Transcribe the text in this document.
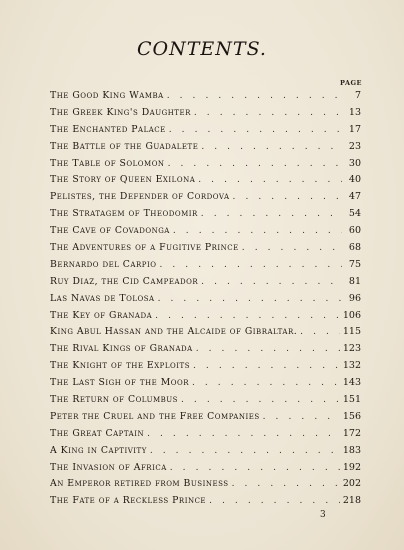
CONTENTS.
PAGE
The Good King Wamba . . .	7
The Greek King's Daughter . . .	13
The Enchanted Palace . . .	17
The Battle of the Guadalete . . .	23
The Table of Solomon . . .	30
The Story of Queen Exilona . . .	40
Pelistes, the Defender of Cordova . . .	47
The Stratagem of Theodomir . . .	54
The Cave of Covadonga . . .	60
The Adventures of a Fugitive Prince . . .	68
Bernardo del Carpio . . .	75
Ruy Diaz, the Cid Campeador . . .	81
Las Navas de Tolosa . . .	96
The Key of Granada . . .	106
King Abul Hassan and the Alcaide of Gibraltar. . . .	115
The Rival Kings of Granada . . .	123
The Knight of the Exploits . . .	132
The Last Sigh of the Moor . . .	143
The Return of Columbus . . .	151
Peter the Cruel and the Free Companies . . .	156
The Great Captain . . .	172
A King in Captivity . . .	183
The Invasion of Africa . . .	192
An Emperor retired from Business . . .	202
The Fate of a Reckless Prince . . .	218
3
